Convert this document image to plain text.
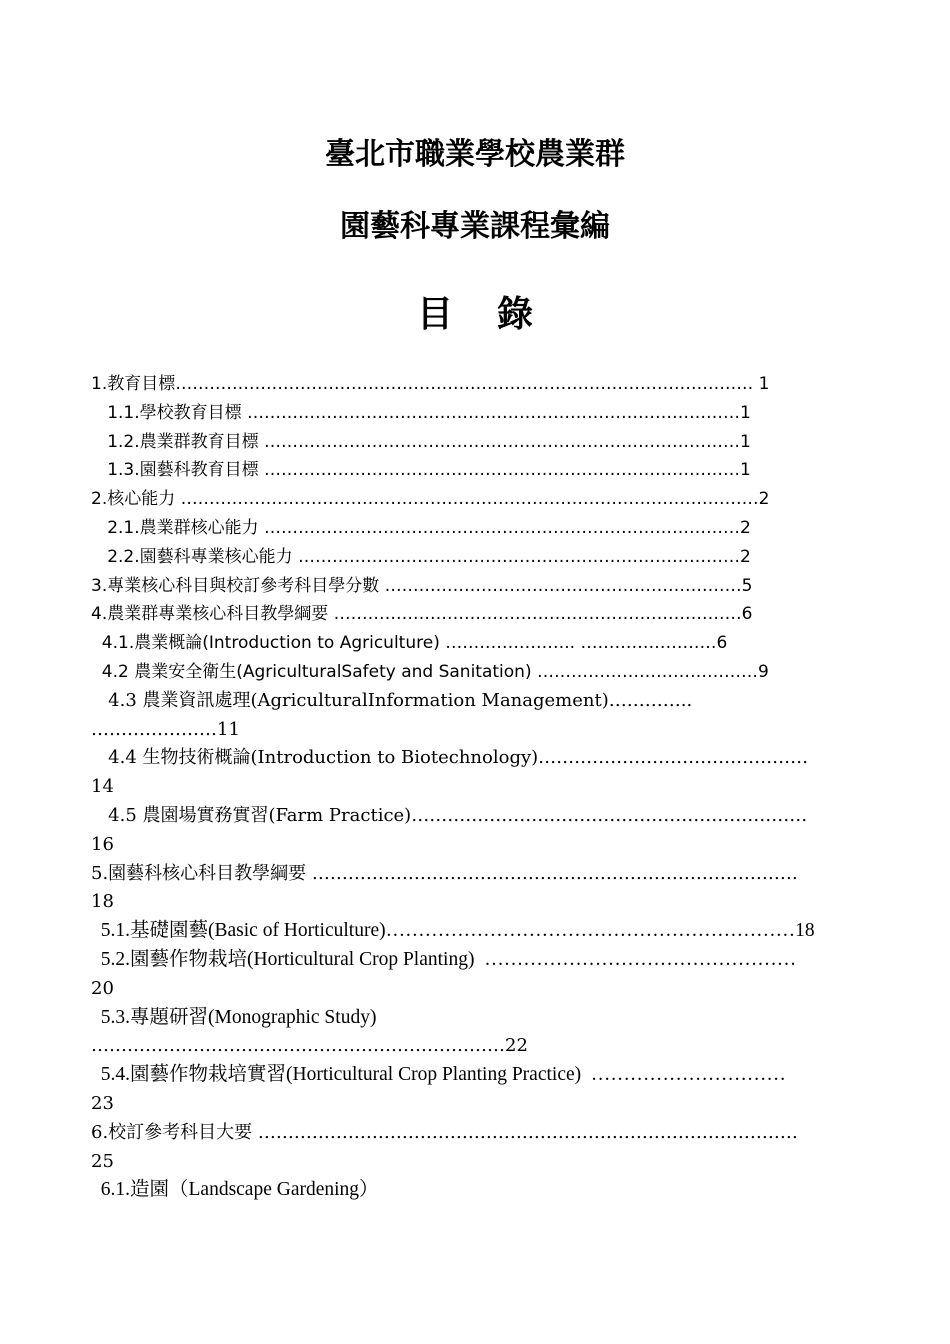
臺北市職業學校農業群
園藝科專業課程彙編
目錄
1.教育目標………………………………………………………………………………………… 1
1.1.學校教育目標 ……………………………………………………………………………1
1.2.農業群教育目標 …………………………………………………………………………1
1.3.園藝科教育目標 …………………………………………………………………………1
2.核心能力 …………………………………………………………………………………………2
2.1.農業群核心能力 …………………………………………………………………………2
2.2.園藝科專業核心能力 ……………………………………………………………………2
3.專業核心科目與校訂參考科目學分數 ………………………………………………………5
4.農業群專業核心科目教學綱要 ………………………………………………………………6
4.1.農業概論(Introduction to Agriculture) ………………….. ……………………6
4.2 農業安全衛生(AgriculturalSafety and Sanitation) …………………………………9
4.3 農業資訊處理(AgriculturalInformation Management)…………..
…………………11
4.4 生物技術概論(Introduction to Biotechnology)………………………………………
14
4.5 農園場實務實習(Farm Practice)…………………………………………………………
16
5.園藝科核心科目教學綱要 ………………………………………………………………………
18
5.1.基礎園藝(Basic of Horticulture)………………………………………………………18
5.2.園藝作物栽培(Horticultural Crop Planting)  …………………………………………
20
5.3.專題研習(Monographic Study)
……………………………………………………………22
5.4.園藝作物栽培實習(Horticultural Crop Planting Practice)  …………………………
23
6.校訂參考科目大要 ………………………………………………………………………………
25
6.1.造園（Landscape Gardening）
